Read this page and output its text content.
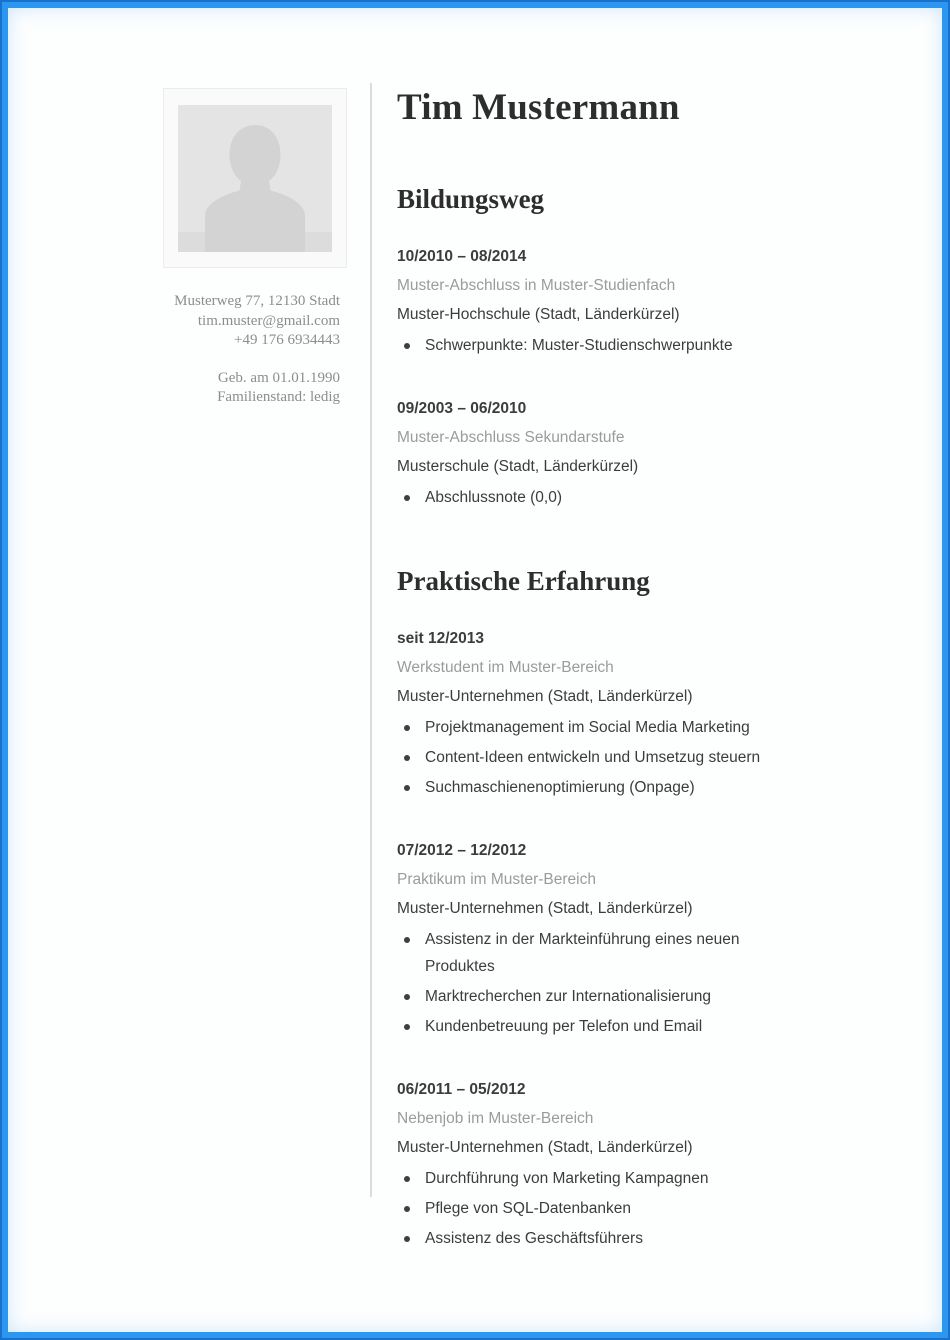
Musterweg 77, 12130 Stadt
tim.muster@gmail.com
+49 176 6934443
Geb. am 01.01.1990
Familienstand: ledig
Tim Mustermann
Bildungsweg

10/2010 – 08/2014

Muster-Abschluss in Muster-Studienfach

Muster-Hochschule (Stadt, Länderkürzel)

Schwerpunkte: Muster-Studienschwerpunkte

09/2003 – 06/2010

Muster-Abschluss Sekundarstufe

Musterschule (Stadt, Länderkürzel)

Abschlussnote (0,0)
Praktische Erfahrung

seit 12/2013

Werkstudent im Muster-Bereich

Muster-Unternehmen (Stadt, Länderkürzel)

Projektmanagement im Social Media Marketing
Content-Ideen entwickeln und Umsetzug steuern
Suchmaschienenoptimierung (Onpage)

07/2012 – 12/2012

Praktikum im Muster-Bereich

Muster-Unternehmen (Stadt, Länderkürzel)

Assistenz in der Markteinführung eines neuen Produktes
Marktrecherchen zur Internationalisierung
Kundenbetreuung per Telefon und Email

06/2011 – 05/2012

Nebenjob im Muster-Bereich

Muster-Unternehmen (Stadt, Länderkürzel)

Durchführung von Marketing Kampagnen
Pflege von SQL-Datenbanken
Assistenz des Geschäftsführers
